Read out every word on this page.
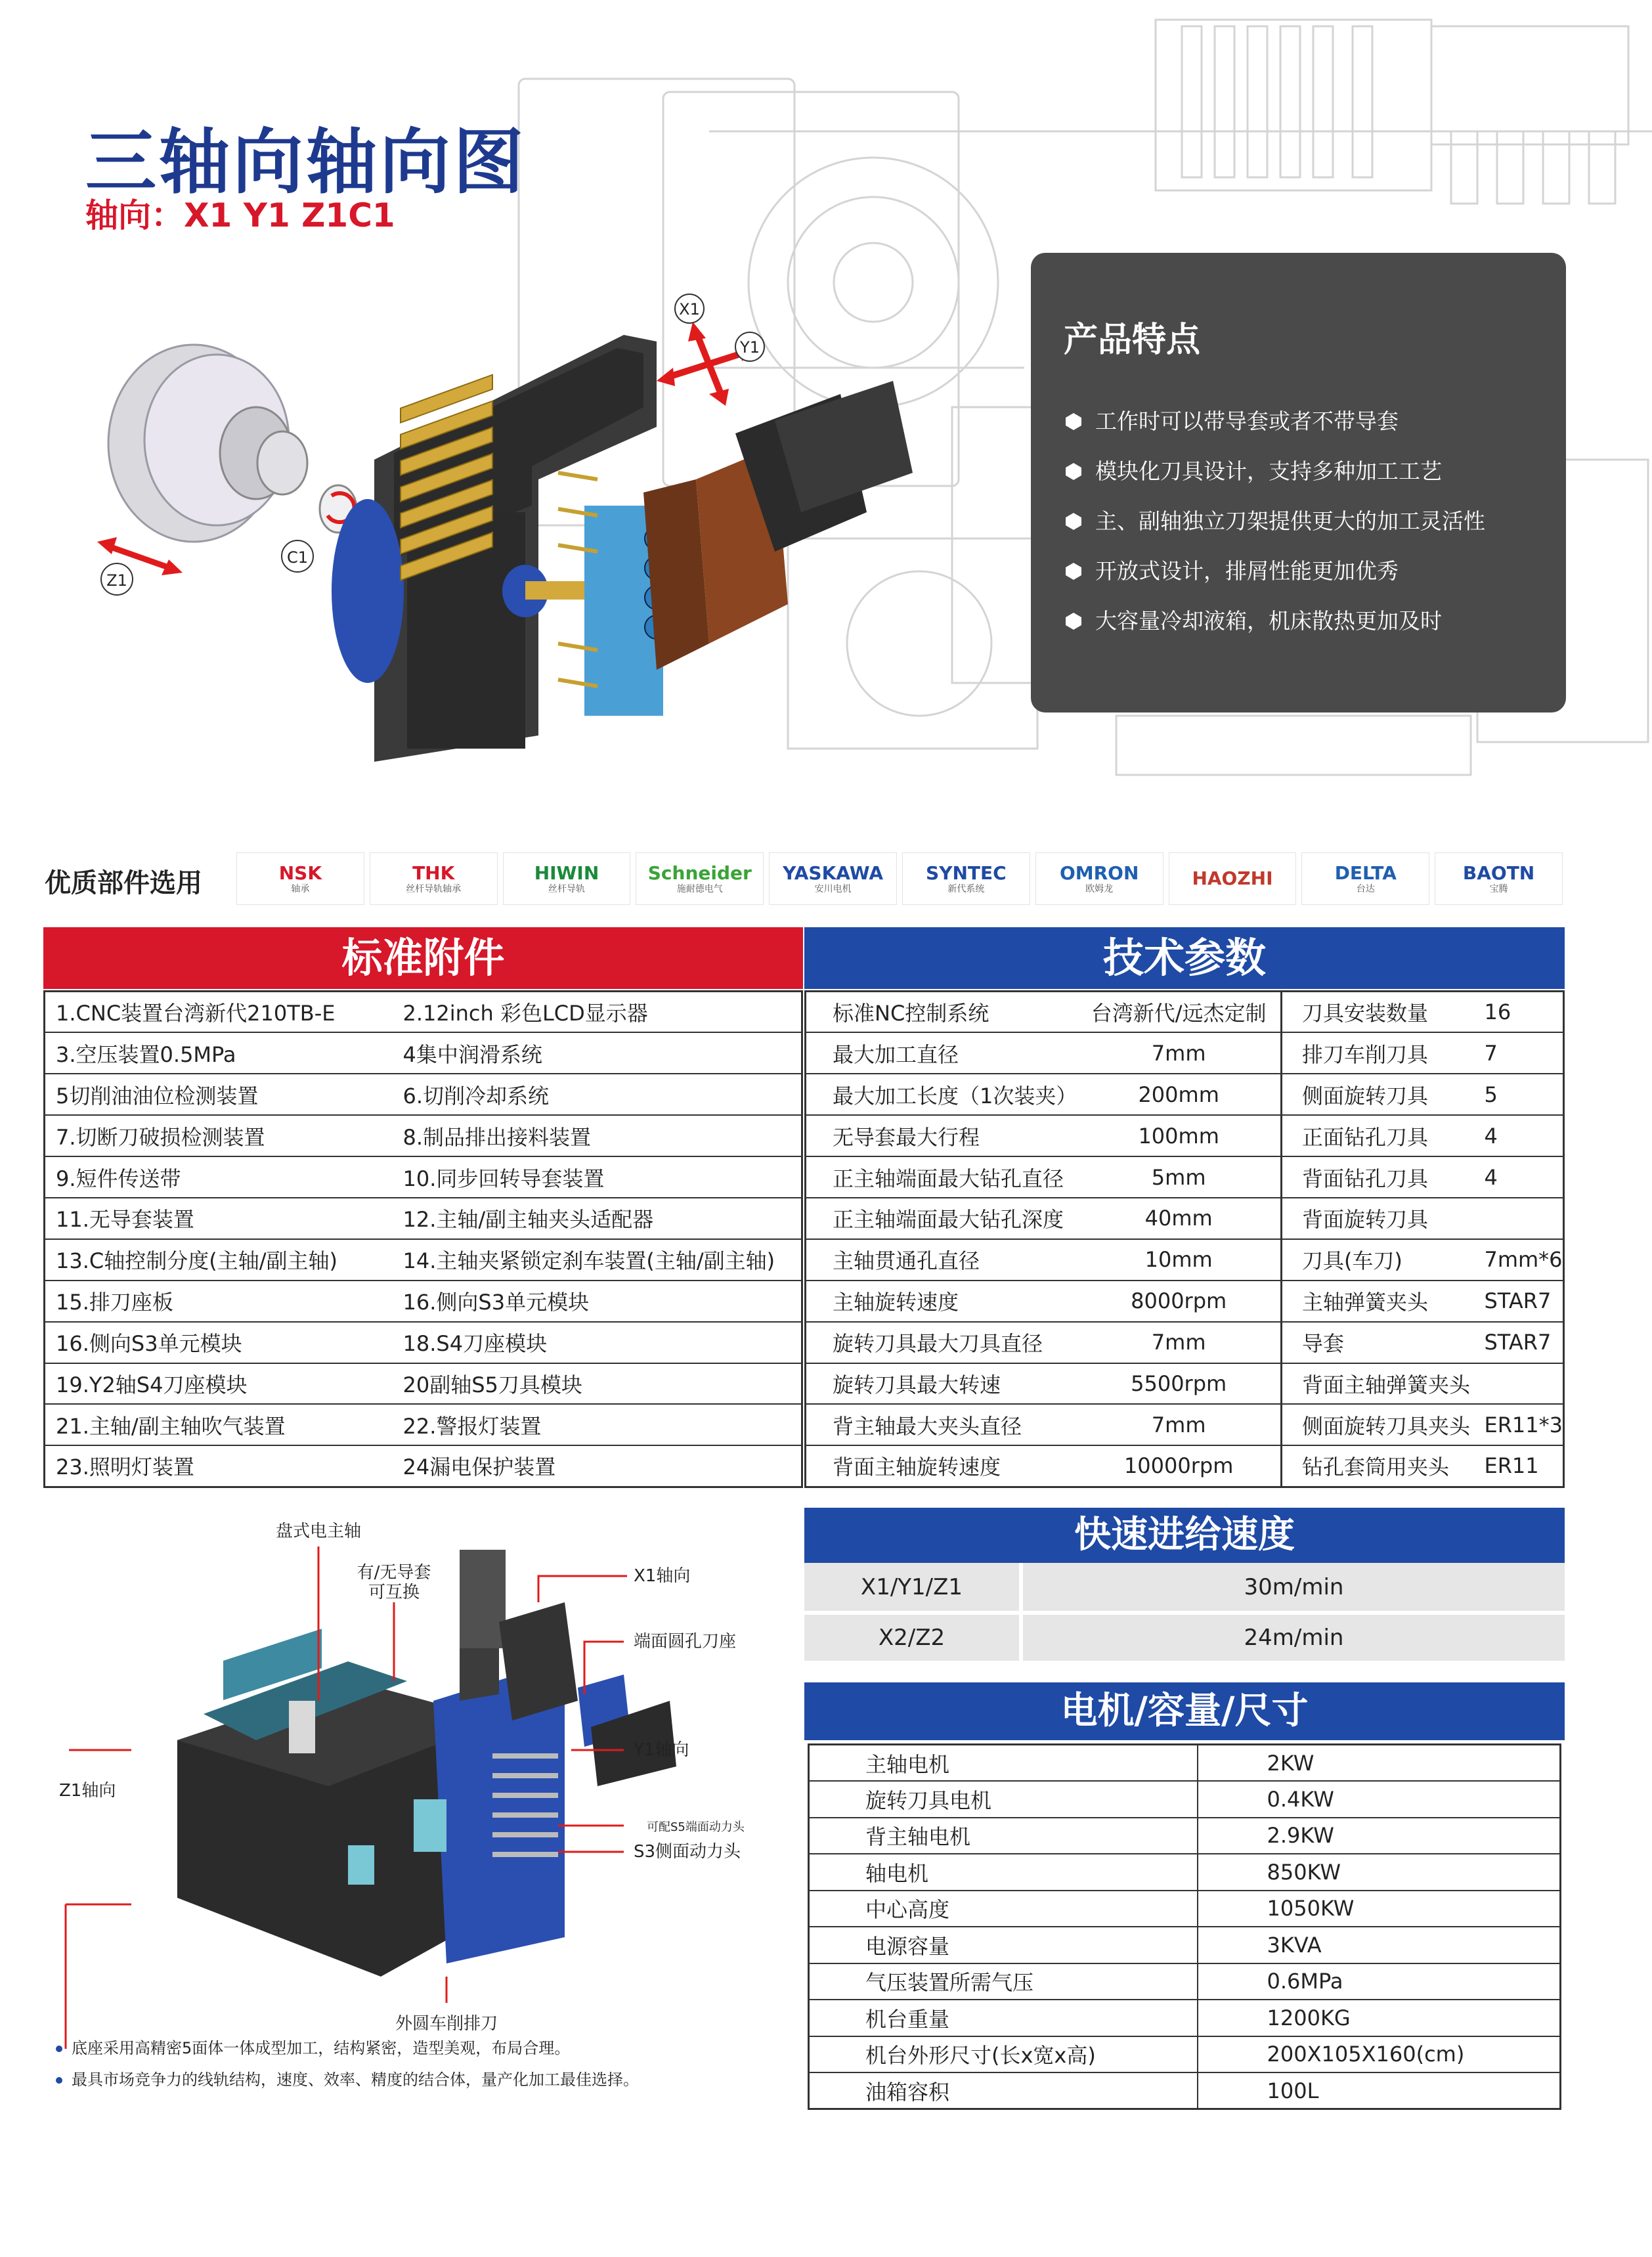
三轴向轴向图
轴向：X1 Y1 Z1C1
C1
Z1
X1
Y1	产品特点
工作时可以带导套或者不带导套
模块化刀具设计，支持多种加工工艺
主、副轴独立刀架提供更大的加工灵活性
开放式设计，排屑性能更加优秀
大容量冷却液箱，机床散热更加及时
优质部件选用	NSK
轴承
THK
丝杆导轨轴承
HIWIN
丝杆导轨
Schneider
施耐德电气
YASKAWA
安川电机
SYNTEC
新代系统
OMRON
欧姆龙	HAOZHI	DELTA
台达
BAOTN
宝腾
标准附件	技术参数
1.CNC装置台湾新代210TB-E	2.12inch 彩色LCD显示器
3.空压装置0.5MPa	4集中润滑系统
5切削油油位检测装置	6.切削冷却系统
7.切断刀破损检测装置	8.制品排出接料装置
9.短件传送带	10.同步回转导套装置
11.无导套装置	12.主轴/副主轴夹头适配器
13.C轴控制分度(主轴/副主轴)	14.主轴夹紧锁定刹车装置(主轴/副主轴)
15.排刀座板	16.侧向S3单元模块
16.侧向S3单元模块	18.S4刀座模块
19.Y2轴S4刀座模块	20副轴S5刀具模块
21.主轴/副主轴吹气装置	22.警报灯装置
23.照明灯装置	24漏电保护装置
标准NC控制系统	台湾新代/远杰定制	刀具安装数量	16
最大加工直径	7mm	排刀车削刀具	7
最大加工长度（1次装夹）	200mm	侧面旋转刀具	5
无导套最大行程	100mm	正面钻孔刀具	4
正主轴端面最大钻孔直径	5mm	背面钻孔刀具	4
正主轴端面最大钻孔深度	40mm	背面旋转刀具	
主轴贯通孔直径	10mm	刀具(车刀)	7mm*6
主轴旋转速度	8000rpm	主轴弹簧夹头	STAR7
旋转刀具最大刀具直径	7mm	导套	STAR7
旋转刀具最大转速	5500rpm	背面主轴弹簧夹头	
背主轴最大夹头直径	7mm	侧面旋转刀具夹头	ER11*3
背面主轴旋转速度	10000rpm	钻孔套筒用夹头	ER11
快速进给速度
X1/Y1/Z1	30m/min
X2/Z2	24m/min
电机/容量/尺寸
主轴电机	2KW
旋转刀具电机	0.4KW
背主轴电机	2.9KW
轴电机	850KW
中心高度	1050KW
电源容量	3KVA
气压装置所需气压	0.6MPa
机台重量	1200KG
机台外形尺寸(长x宽x高)	200X105X160(cm)
油箱容积	100L
盘式电主轴
有/无导套
可互换
X1轴向
端面圆孔刀座
Y1轴向
Z1轴向
可配S5端面动力头
S3侧面动力头
外圆车削排刀
底座采用高精密5面体一体成型加工，结构紧密，造型美观，布局合理。
最具市场竞争力的线轨结构，速度、效率、精度的结合体，量产化加工最佳选择。
